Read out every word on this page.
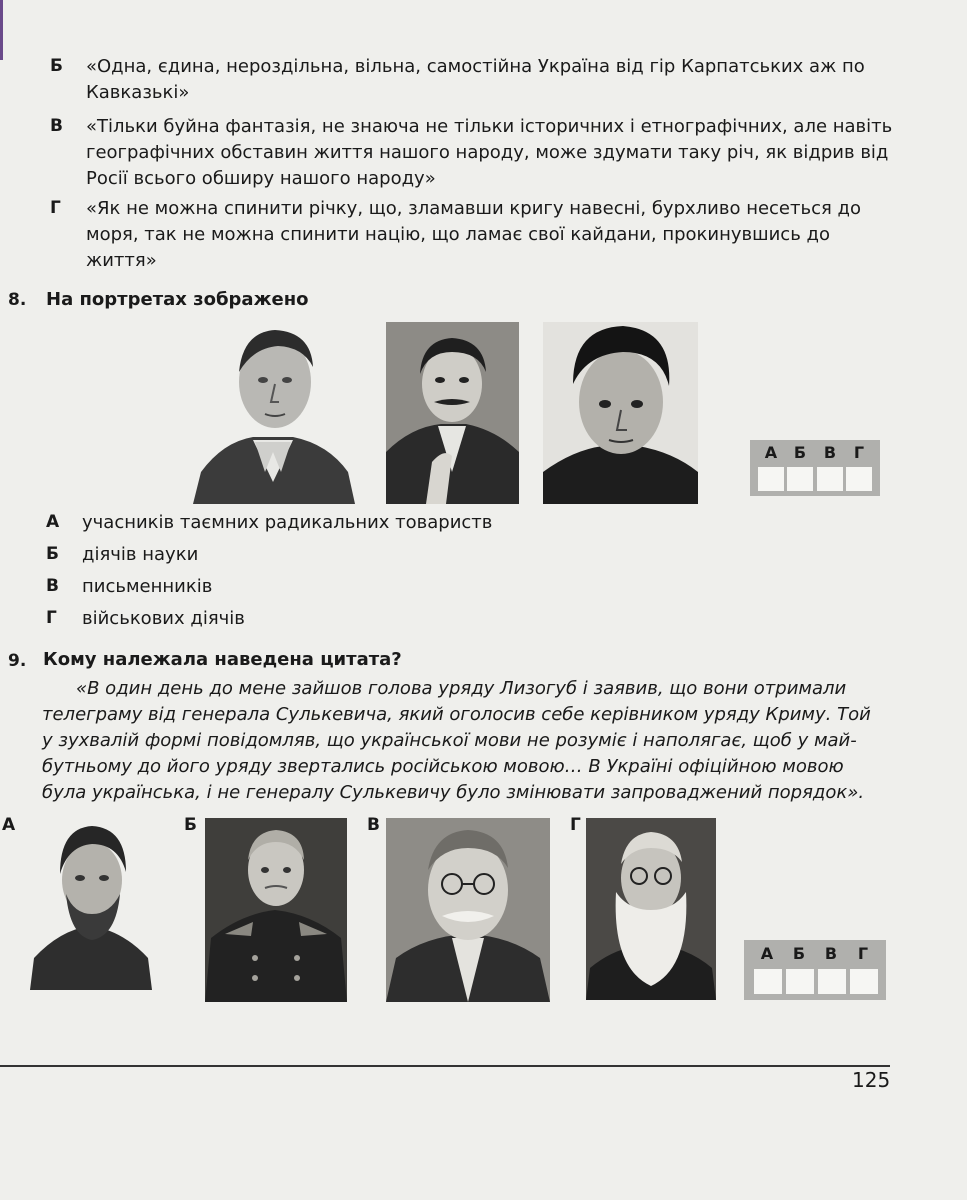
Б «Одна, єдина, нероздільна, вільна, самостійна Україна від гір Карпатських аж по
Кавказькі»
В «Тільки буйна фантазія, не знаюча не тільки історичних і етнографічних, але навіть
географічних обставин життя нашого народу, може здумати таку річ, як відрив від
Росії всього обширу нашого народу»
Г «Як не можна спинити річку, що, зламавши кригу навесні, бурхливо несеться до
моря, так не можна спинити націю, що ламає свої кайдани, прокинувшись до
життя»
8. На портретах зображено
А	Б	В	Г
А учасників таємних радикальних товариств
Б діячів науки
В письменників
Г військових діячів
9. Кому належала наведена цитата?
«В один день до мене зайшов голова уряду Лизогуб і заявив, що вони отримали
телеграму від генерала Сулькевича, який оголосив себе керівником уряду Криму. Той
у зухвалій формі повідомляв, що української мови не розуміє і наполягає, щоб у май-
бутньому до його уряду звертались російською мовою… В Україні офіційною мовою
була українська, і не генералу Сулькевичу було змінювати запроваджений порядок».
А	Б	В	Г
А	Б	В	Г
125
